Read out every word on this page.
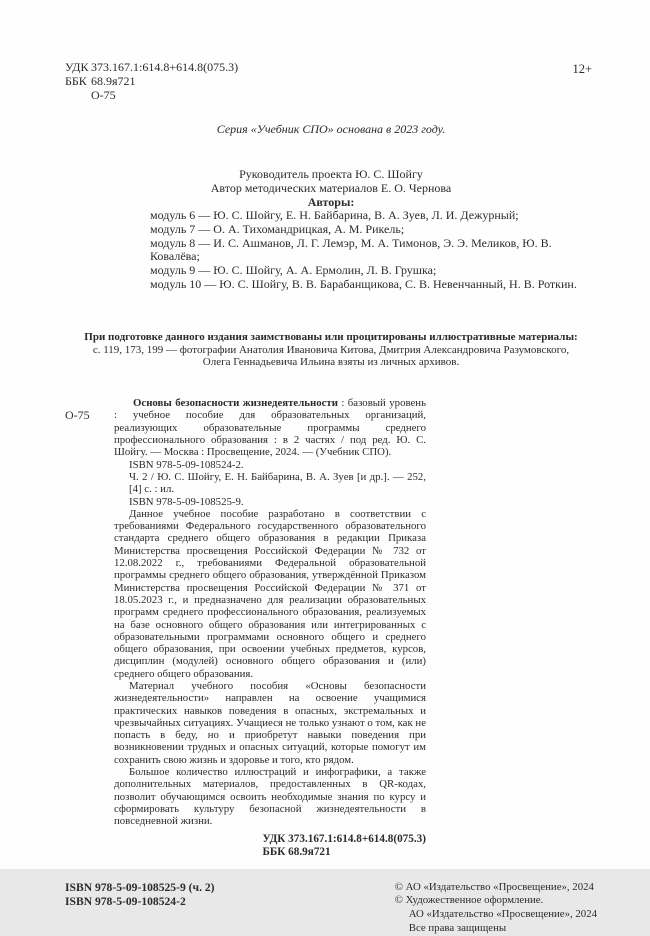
УДК 373.167.1:614.8+614.8(075.3)
ББК 68.9я721
О-75
12+
Серия «Учебник СПО» основана в 2023 году.
Руководитель проекта Ю. С. Шойгу
Автор методических материалов Е. О. Чернова
Авторы:
модуль 6 — Ю. С. Шойгу, Е. Н. Байбарина, В. А. Зуев, Л. И. Дежурный;
модуль 7 — О. А. Тихомандрицкая, А. М. Рикель;
модуль 8 — И. С. Ашманов, Л. Г. Лемэр, М. А. Тимонов, Э. Э. Меликов, Ю. В. Ковалёва;
модуль 9 — Ю. С. Шойгу, А. А. Ермолин, Л. В. Грушка;
модуль 10 — Ю. С. Шойгу, В. В. Барабанщикова, С. В. Невенчанный, Н. В. Роткин.
При подготовке данного издания заимствованы или процитированы иллюстративные материалы:
с. 119, 173, 199 — фотографии Анатолия Ивановича Китова, Дмитрия Александровича Разумовского,
Олега Геннадьевича Ильина взяты из личных архивов.
О-75

Основы безопасности жизнедеятельности : базовый уровень : учебное пособие для образовательных организаций, реализующих образовательные программы среднего профессионального образования : в 2 частях / под ред. Ю. С. Шойгу. — Москва : Просвещение, 2024. — (Учебник СПО).

ISBN 978-5-09-108524-2.

Ч. 2 / Ю. С. Шойгу, Е. Н. Байбарина, В. А. Зуев [и др.]. — 252, [4] с. : ил.

ISBN 978-5-09-108525-9.

Данное учебное пособие разработано в соответствии с требованиями Федерального государственного образовательного стандарта среднего общего образования в редакции Приказа Министерства просвещения Российской Федерации № 732 от 12.08.2022 г., требованиями Федеральной образовательной программы среднего общего образования, утверждённой Приказом Министерства просвещения Российской Федерации № 371 от 18.05.2023 г., и предназначено для реализации образовательных программ среднего профессионального образования, реализуемых на базе основного общего образования или интегрированных с образовательными программами основного общего и среднего общего образования, при освоении учебных предметов, курсов, дисциплин (модулей) основного общего образования и (или) среднего общего образования.

Материал учебного пособия «Основы безопасности жизнедеятельности» направлен на освоение учащимися практических навыков поведения в опасных, экстремальных и чрезвычайных ситуациях. Учащиеся не только узнают о том, как не попасть в беду, но и приобретут навыки поведения при возникновении трудных и опасных ситуаций, которые помогут им сохранить свою жизнь и здоровье и того, кто рядом.

Большое количество иллюстраций и инфографики, а также дополнительных материалов, предоставленных в QR-кодах, позволит обучающимся освоить необходимые знания по курсу и сформировать культуру безопасной жизнедеятельности в повседневной жизни.

УДК 373.167.1:614.8+614.8(075.3)
ББК 68.9я721
ISBN 978-5-09-108525-9 (ч. 2)
ISBN 978-5-09-108524-2
© АО «Издательство «Просвещение», 2024
© Художественное оформление.
АО «Издательство «Просвещение», 2024
Все права защищены
